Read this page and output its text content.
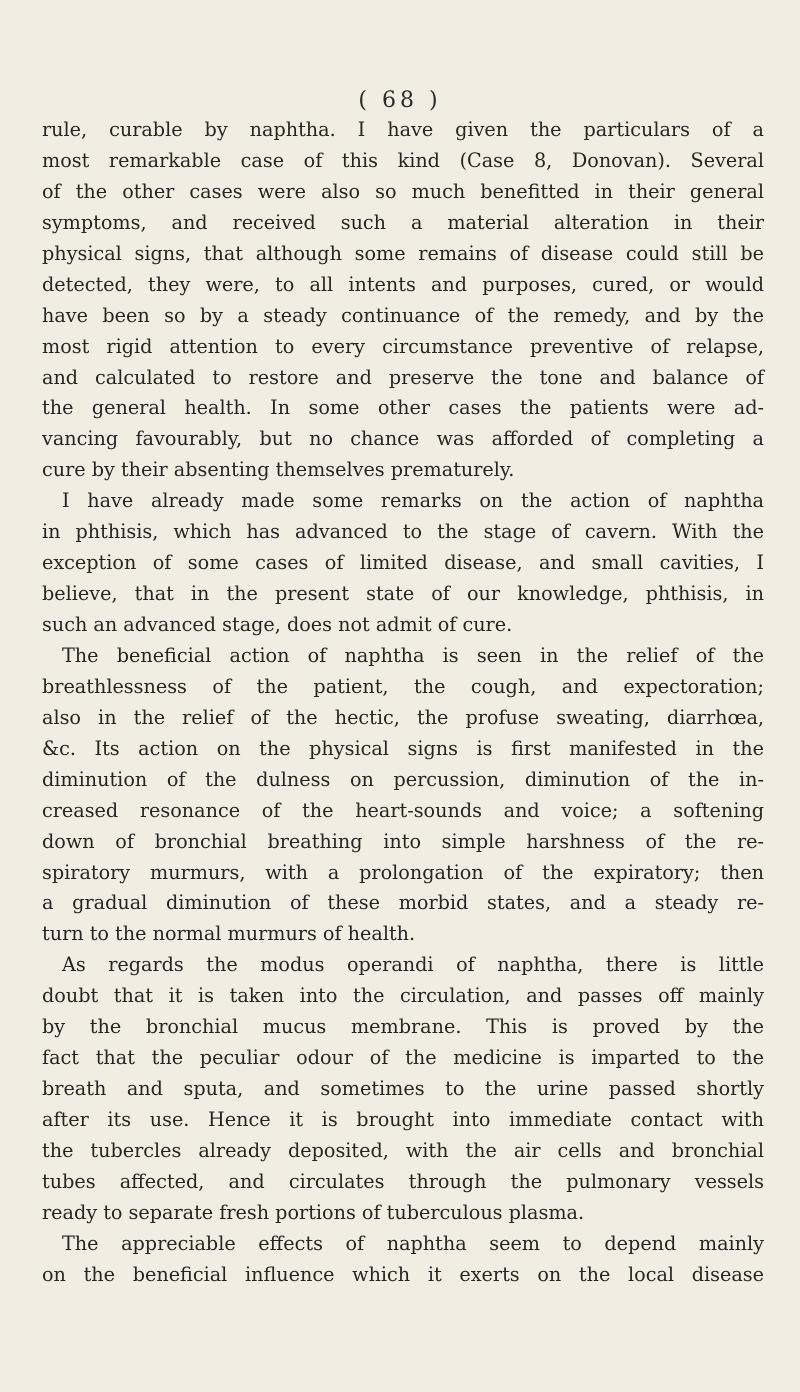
( 68 )
rule, curable by naphtha. I have given the particulars of a
most remarkable case of this kind (Case 8, Donovan). Several
of the other cases were also so much benefitted in their general
symptoms, and received such a material alteration in their
physical signs, that although some remains of disease could still be
detected, they were, to all intents and purposes, cured, or would
have been so by a steady continuance of the remedy, and by the
most rigid attention to every circumstance preventive of relapse,
and calculated to restore and preserve the tone and balance of
the general health. In some other cases the patients were ad-
vancing favourably, but no chance was afforded of completing a
cure by their absenting themselves prematurely.
I have already made some remarks on the action of naphtha
in phthisis, which has advanced to the stage of cavern. With the
exception of some cases of limited disease, and small cavities, I
believe, that in the present state of our knowledge, phthisis, in
such an advanced stage, does not admit of cure.
The beneficial action of naphtha is seen in the relief of the
breathlessness of the patient, the cough, and expectoration;
also in the relief of the hectic, the profuse sweating, diarrhœa,
&c. Its action on the physical signs is first manifested in the
diminution of the dulness on percussion, diminution of the in-
creased resonance of the heart-sounds and voice; a softening
down of bronchial breathing into simple harshness of the re-
spiratory murmurs, with a prolongation of the expiratory; then
a gradual diminution of these morbid states, and a steady re-
turn to the normal murmurs of health.
As regards the modus operandi of naphtha, there is little
doubt that it is taken into the circulation, and passes off mainly
by the bronchial mucus membrane. This is proved by the
fact that the peculiar odour of the medicine is imparted to the
breath and sputa, and sometimes to the urine passed shortly
after its use. Hence it is brought into immediate contact with
the tubercles already deposited, with the air cells and bronchial
tubes affected, and circulates through the pulmonary vessels
ready to separate fresh portions of tuberculous plasma.
The appreciable effects of naphtha seem to depend mainly
on the beneficial influence which it exerts on the local disease
